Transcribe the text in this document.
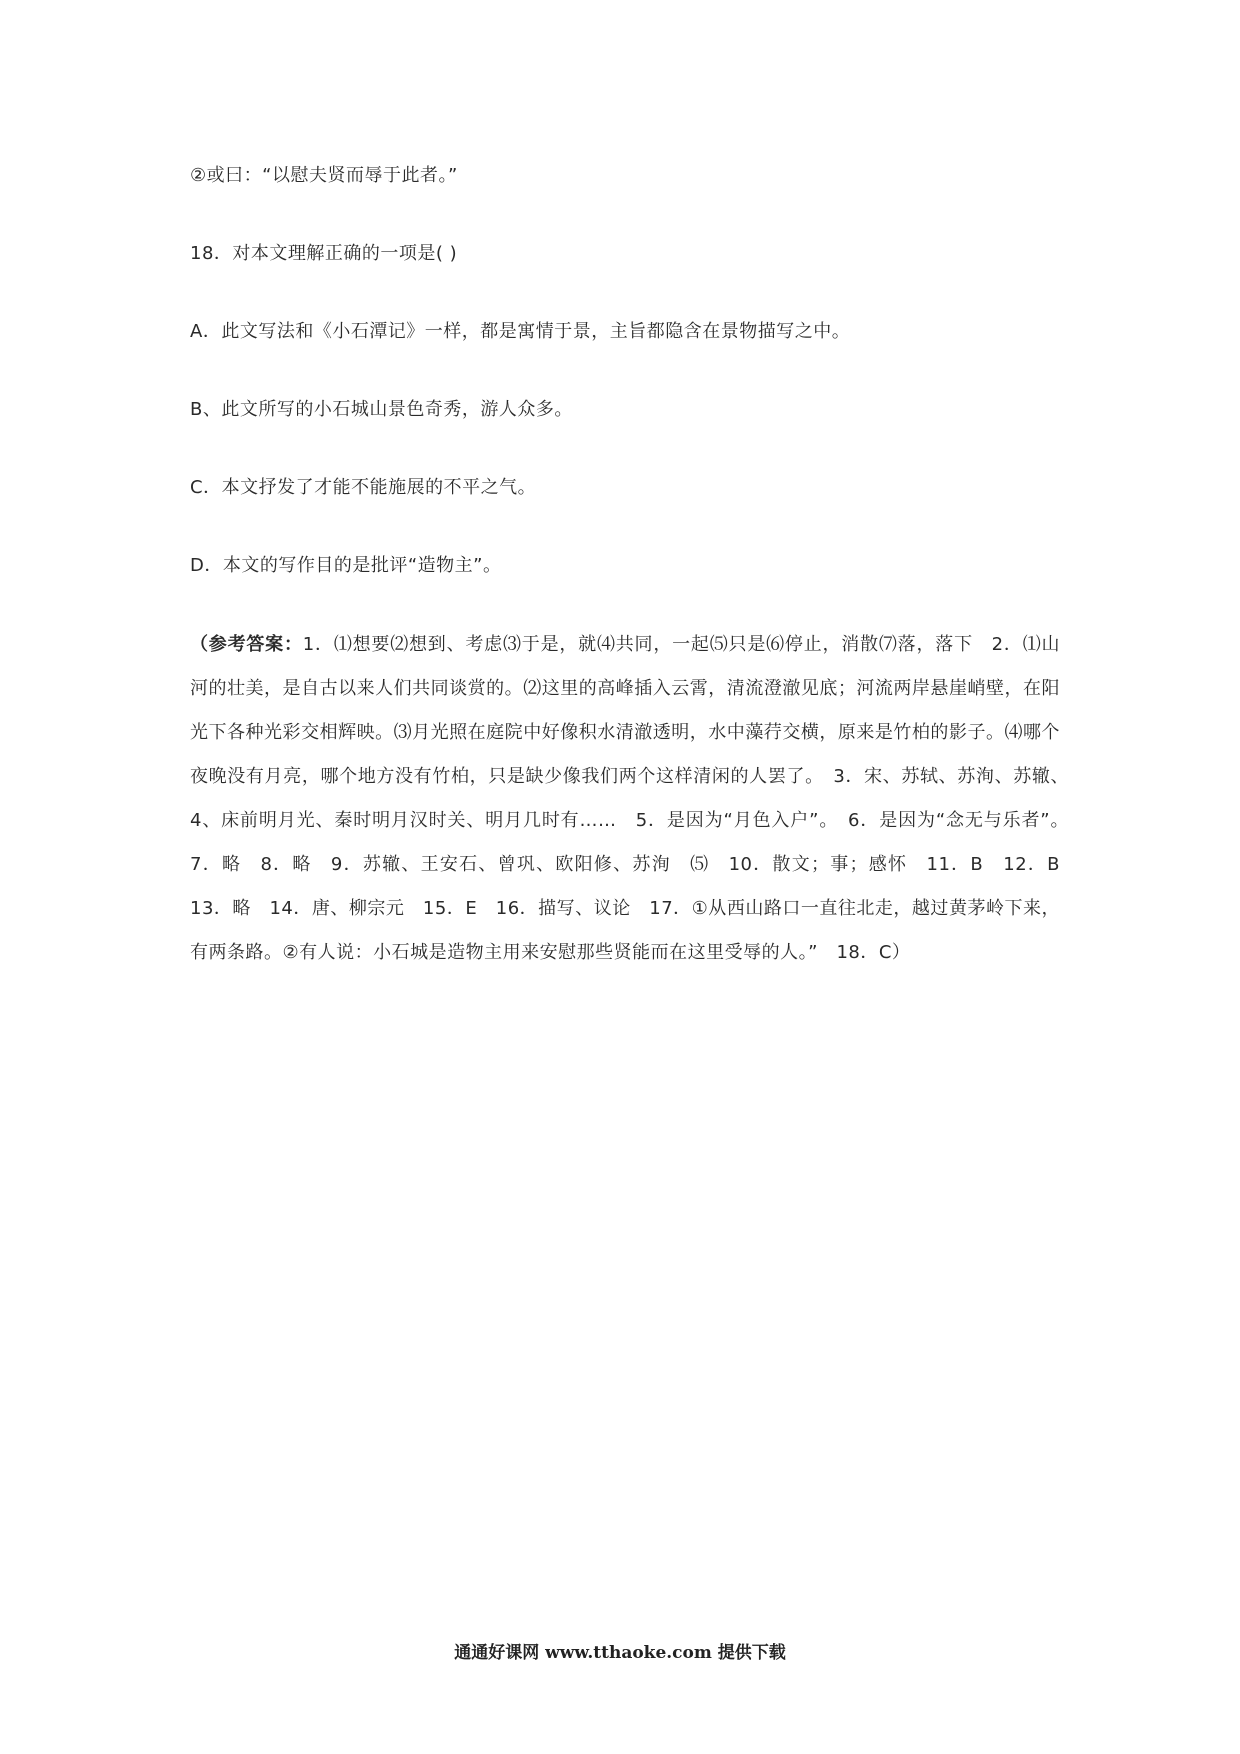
②或曰：“以慰夫贤而辱于此者。”
18．对本文理解正确的一项是( )
A．此文写法和《小石潭记》一样，都是寓情于景，主旨都隐含在景物描写之中。
B、此文所写的小石城山景色奇秀，游人众多。
C．本文抒发了才能不能施展的不平之气。
D．本文的写作目的是批评“造物主”。
（参考答案：1．⑴想要⑵想到、考虑⑶于是，就⑷共同，一起⑸只是⑹停止，消散⑺落，落下　2．⑴山河的壮美，是自古以来人们共同谈赏的。⑵这里的高峰插入云霄，清流澄澈见底；河流两岸悬崖峭壁，在阳光下各种光彩交相辉映。⑶月光照在庭院中好像积水清澈透明，水中藻荇交横，原来是竹柏的影子。⑷哪个夜晚没有月亮，哪个地方没有竹柏，只是缺少像我们两个这样清闲的人罢了。　3．宋、苏轼、苏洵、苏辙、　4、床前明月光、秦时明月汉时关、明月几时有……　5．是因为“月色入户”。　6．是因为“念无与乐者”。　7．略　8．略　9．苏辙、王安石、曾巩、欧阳修、苏洵　⑸　10．散文；事；感怀　11．B　12．B　13．略　14．唐、柳宗元　15．E　16．描写、议论　17．①从西山路口一直往北走，越过黄茅岭下来，有两条路。②有人说：小石城是造物主用来安慰那些贤能而在这里受辱的人。”　18．C）
通通好课网 www.tthaoke.com 提供下载
